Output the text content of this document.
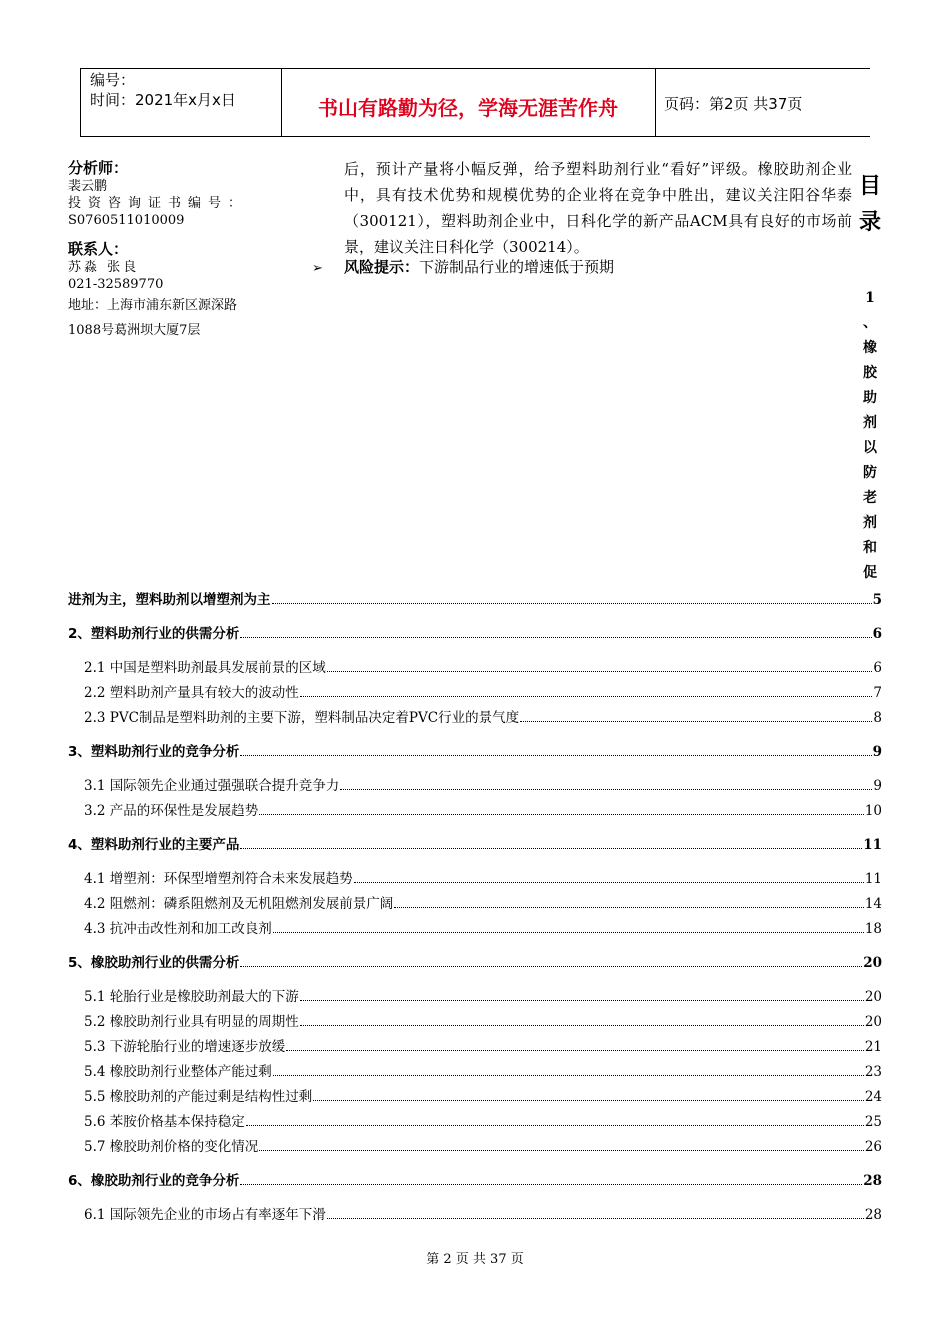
编号：
时间：2021年x月x日	书山有路勤为径，学海无涯苦作舟	页码：第2页 共37页
分析师：
裴云鹏
投资咨询证书编号：
S0760511010009
联系人：
苏淼 张良
021-32589770
地址：上海市浦东新区源深路
1088号葛洲坝大厦7层
后，预计产量将小幅反弹，给予塑料助剂行业“看好”评级。橡胶助剂企业中，具有技术优势和规模优势的企业将在竞争中胜出，建议关注阳谷华泰（300121），塑料助剂企业中，日科化学的新产品ACM具有良好的市场前景，建议关注日科化学（300214）。
➢ 风险提示：下游制品行业的增速低于预期
目
录
1
、
橡
胶
助
剂
以
防
老
剂
和
促
进剂为主，塑料助剂以增塑剂为主	5
2、塑料助剂行业的供需分析	6
2.1 中国是塑料助剂最具发展前景的区域	6
2.2 塑料助剂产量具有较大的波动性	7
2.3 PVC制品是塑料助剂的主要下游，塑料制品决定着PVC行业的景气度	8
3、塑料助剂行业的竞争分析	9
3.1 国际领先企业通过强强联合提升竞争力	9
3.2 产品的环保性是发展趋势	10
4、塑料助剂行业的主要产品	11
4.1 增塑剂：环保型增塑剂符合未来发展趋势	11
4.2 阻燃剂：磷系阻燃剂及无机阻燃剂发展前景广阔	14
4.3 抗冲击改性剂和加工改良剂	18
5、橡胶助剂行业的供需分析	20
5.1 轮胎行业是橡胶助剂最大的下游	20
5.2 橡胶助剂行业具有明显的周期性	20
5.3 下游轮胎行业的增速逐步放缓	21
5.4 橡胶助剂行业整体产能过剩	23
5.5 橡胶助剂的产能过剩是结构性过剩	24
5.6 苯胺价格基本保持稳定	25
5.7 橡胶助剂价格的变化情况	26
6、橡胶助剂行业的竞争分析	28
6.1 国际领先企业的市场占有率逐年下滑	28
第 2 页 共 37 页
